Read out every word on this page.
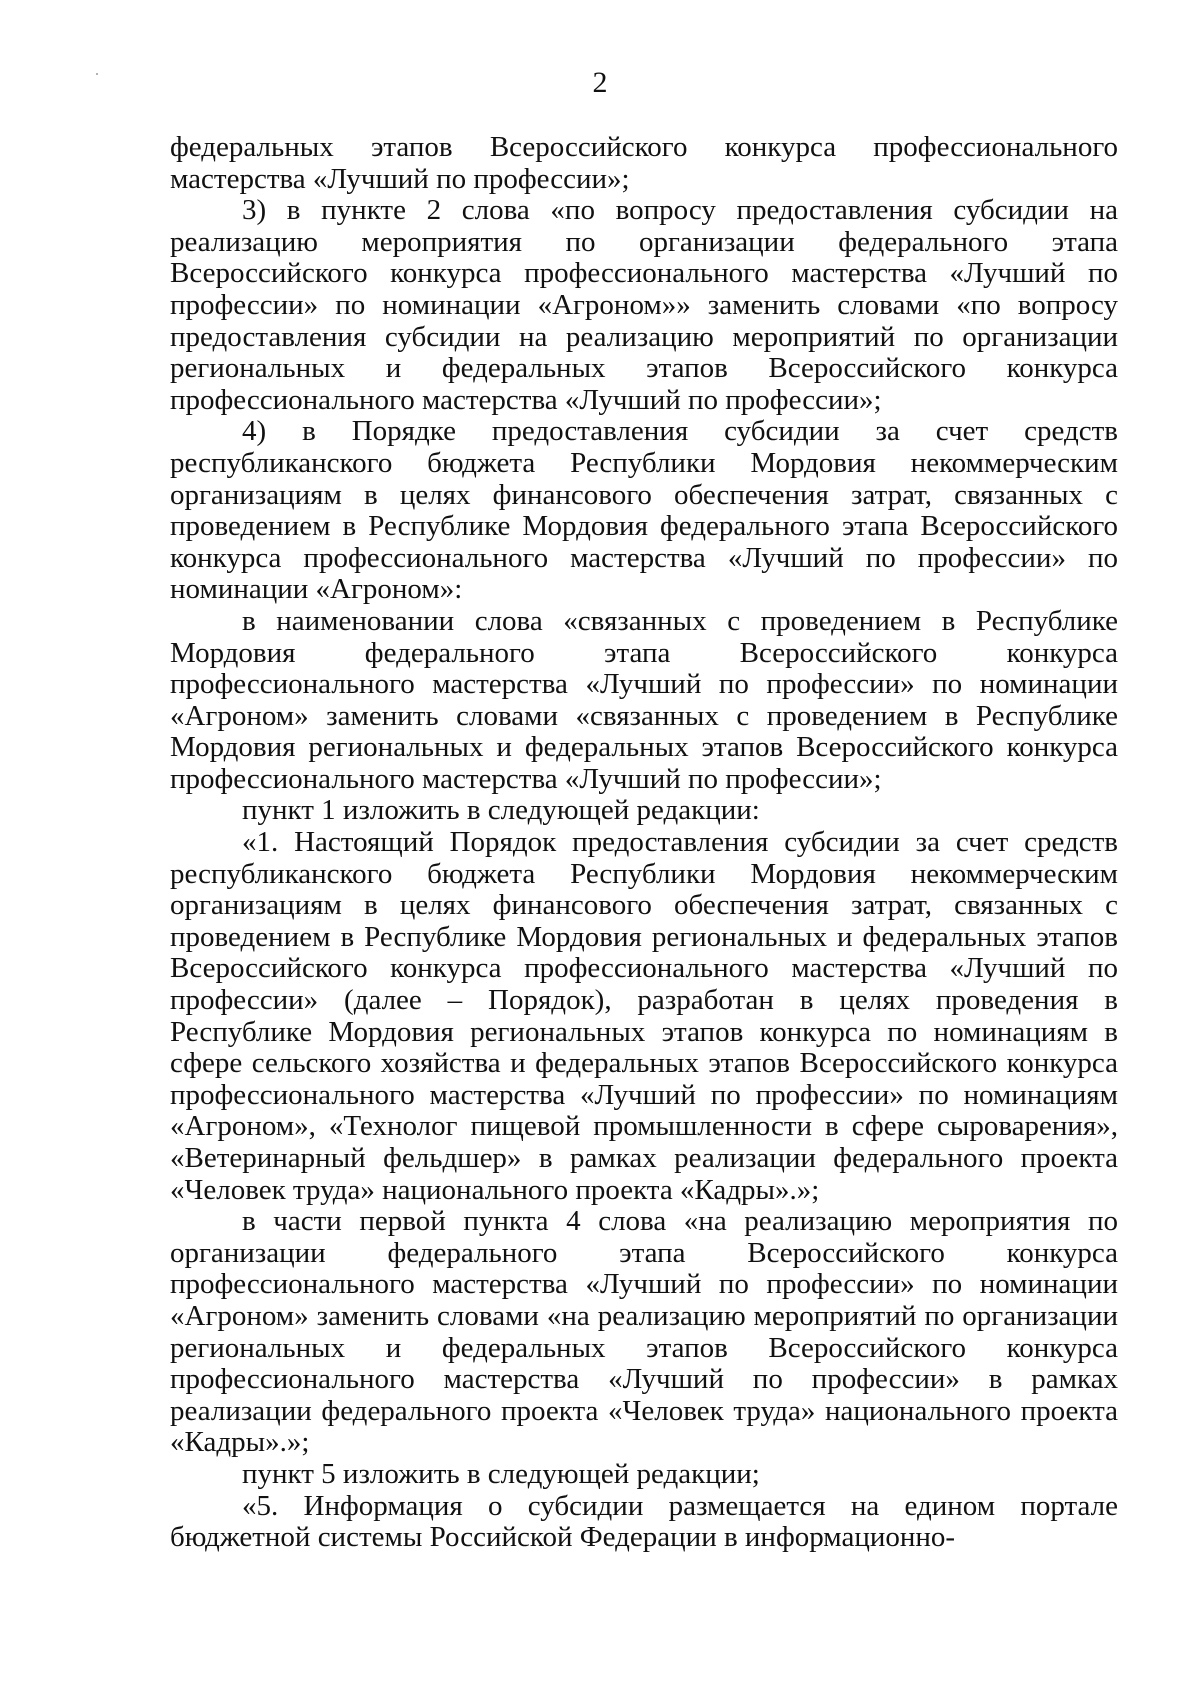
2

федеральных этапов Всероссийского конкурса профессионального мастерства «Лучший по профессии»;

3) в пункте 2 слова «по вопросу предоставления субсидии на реализацию мероприятия по организации федерального этапа Всероссийского конкурса профессионального мастерства «Лучший по профессии» по номинации «Агроном»» заменить словами «по вопросу предоставления субсидии на реализацию мероприятий по организации региональных и федеральных этапов Всероссийского конкурса профессионального мастерства «Лучший по профессии»;

4) в Порядке предоставления субсидии за счет средств республиканского бюджета Республики Мордовия некоммерческим организациям в целях финансового обеспечения затрат, связанных с проведением в Республике Мордовия федерального этапа Всероссийского конкурса профессионального мастерства «Лучший по профессии» по номинации «Агроном»:

в наименовании слова «связанных с проведением в Республике Мордовия федерального этапа Всероссийского конкурса профессионального мастерства «Лучший по профессии» по номинации «Агроном» заменить словами «связанных с проведением в Республике Мордовия региональных и федеральных этапов Всероссийского конкурса профессионального мастерства «Лучший по профессии»;

пункт 1 изложить в следующей редакции:

«1. Настоящий Порядок предоставления субсидии за счет средств республиканского бюджета Республики Мордовия некоммерческим организациям в целях финансового обеспечения затрат, связанных с проведением в Республике Мордовия региональных и федеральных этапов Всероссийского конкурса профессионального мастерства «Лучший по профессии» (далее – Порядок), разработан в целях проведения в Республике Мордовия региональных этапов конкурса по номинациям в сфере сельского хозяйства и федеральных этапов Всероссийского конкурса профессионального мастерства «Лучший по профессии» по номинациям «Агроном», «Технолог пищевой промышленности в сфере сыроварения», «Ветеринарный фельдшер» в рамках реализации федерального проекта «Человек труда» национального проекта «Кадры».»;

в части первой пункта 4 слова «на реализацию мероприятия по организации федерального этапа Всероссийского конкурса профессионального мастерства «Лучший по профессии» по номинации «Агроном» заменить словами «на реализацию мероприятий по организации региональных и федеральных этапов Всероссийского конкурса профессионального мастерства «Лучший по профессии» в рамках реализации федерального проекта «Человек труда» национального проекта «Кадры».»;

пункт 5 изложить в следующей редакции;

«5. Информация о субсидии размещается на едином портале бюджетной системы Российской Федерации в информационно-
